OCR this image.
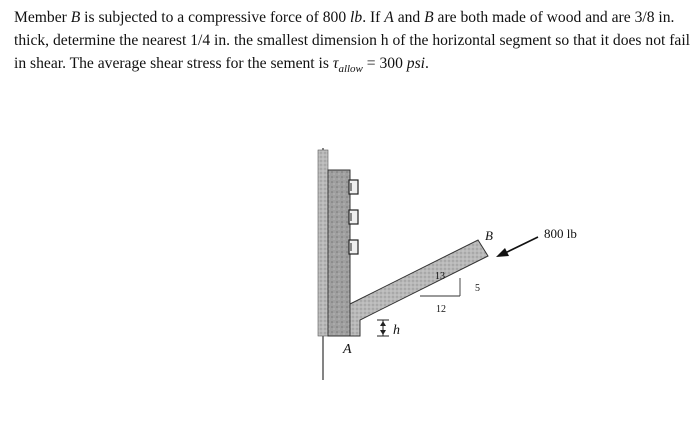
Member B is subjected to a compressive force of 800 lb. If A and B are both made of wood and are 3/8 in. thick, determine the nearest 1/4 in. the smallest dimension h of the horizontal segment so that it does not fail in shear. The average shear stress for the sement is $\tau_{allow} = 300$ psi.

13
12
5
h
B
A
800 lb
